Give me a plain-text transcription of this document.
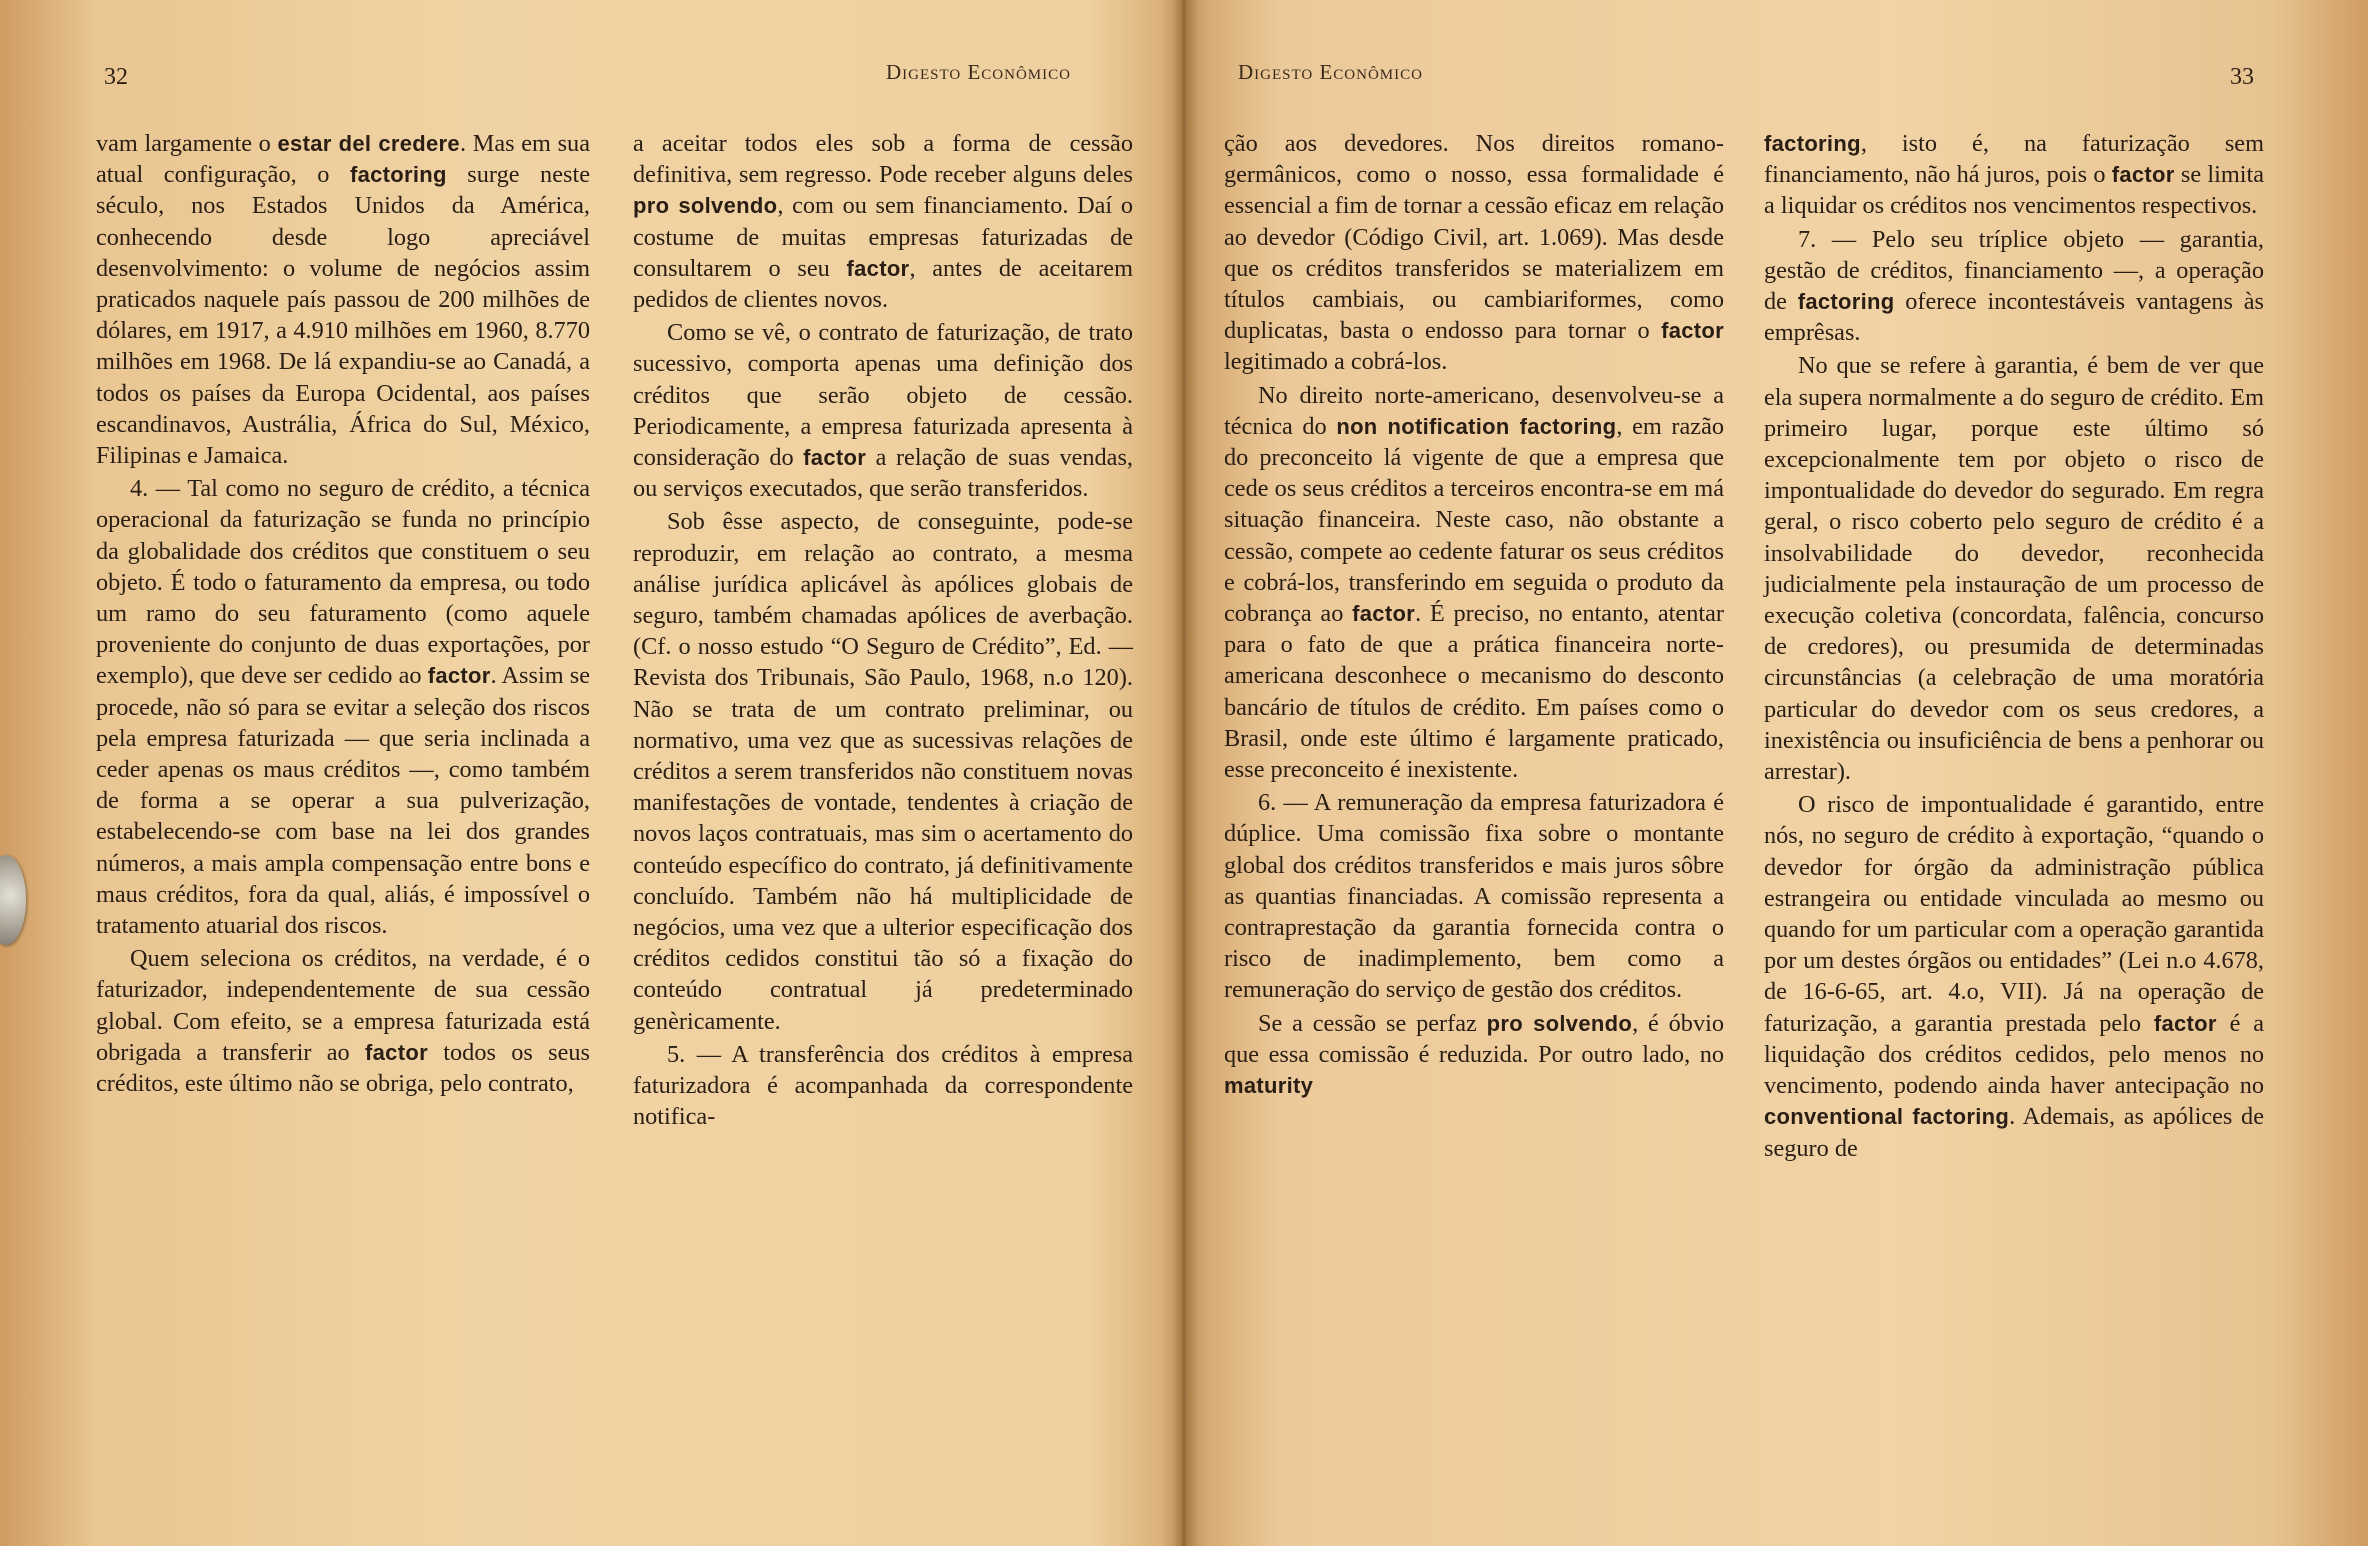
32	Digesto Econômico

vam largamente o estar del credere. Mas em sua atual configuração, o factoring surge neste século, nos Estados Unidos da América, conhecendo desde logo apreciável desenvolvimento: o volume de negócios assim praticados naquele país passou de 200 milhões de dólares, em 1917, a 4.910 milhões em 1960, 8.770 milhões em 1968. De lá expandiu-se ao Canadá, a todos os países da Europa Ocidental, aos países escandinavos, Austrália, África do Sul, México, Filipinas e Jamaica.

4. — Tal como no seguro de crédito, a técnica operacional da faturização se funda no princípio da globalidade dos créditos que constituem o seu objeto. É todo o faturamento da empresa, ou todo um ramo do seu faturamento (como aquele proveniente do conjunto de duas exportações, por exemplo), que deve ser cedido ao factor. Assim se procede, não só para se evitar a seleção dos riscos pela empresa faturizada — que seria inclinada a ceder apenas os maus créditos —, como também de forma a se operar a sua pulverização, estabelecendo-se com base na lei dos grandes números, a mais ampla compensação entre bons e maus créditos, fora da qual, aliás, é impossível o tratamento atuarial dos riscos.

Quem seleciona os créditos, na verdade, é o faturizador, independentemente de sua cessão global. Com efeito, se a empresa faturizada está obrigada a transferir ao factor todos os seus créditos, este último não se obriga, pelo contrato,

a aceitar todos eles sob a forma de cessão definitiva, sem regresso. Pode receber alguns deles pro solvendo, com ou sem financiamento. Daí o costume de muitas empresas faturizadas de consultarem o seu factor, antes de aceitarem pedidos de clientes novos.

Como se vê, o contrato de faturização, de trato sucessivo, comporta apenas uma definição dos créditos que serão objeto de cessão. Periodicamente, a empresa faturizada apresenta à consideração do factor a relação de suas vendas, ou serviços executados, que serão transferidos.

Sob êsse aspecto, de conseguinte, pode-se reproduzir, em relação ao contrato, a mesma análise jurídica aplicável às apólices globais de seguro, também chamadas apólices de averbação. (Cf. o nosso estudo “O Seguro de Crédito”, Ed. — Revista dos Tribunais, São Paulo, 1968, n.o 120). Não se trata de um contrato preliminar, ou normativo, uma vez que as sucessivas relações de créditos a serem transferidos não constituem novas manifestações de vontade, tendentes à criação de novos laços contratuais, mas sim o acertamento do conteúdo específico do contrato, já definitivamente concluído. Também não há multiplicidade de negócios, uma vez que a ulterior especificação dos créditos cedidos constitui tão só a fixação do conteúdo contratual já predeterminado genèricamente.

5. — A transferência dos créditos à empresa faturizadora é acompanhada da correspondente notifica-

Digesto Econômico	33

ção aos devedores. Nos direitos romano-germânicos, como o nosso, essa formalidade é essencial a fim de tornar a cessão eficaz em relação ao devedor (Código Civil, art. 1.069). Mas desde que os créditos transferidos se materializem em títulos cambiais, ou cambiariformes, como duplicatas, basta o endosso para tornar o factor legitimado a cobrá-los.

No direito norte-americano, desenvolveu-se a técnica do non notification factoring, em razão do preconceito lá vigente de que a empresa que cede os seus créditos a terceiros encontra-se em má situação financeira. Neste caso, não obstante a cessão, compete ao cedente faturar os seus créditos e cobrá-los, transferindo em seguida o produto da cobrança ao factor. É preciso, no entanto, atentar para o fato de que a prática financeira norte-americana desconhece o mecanismo do desconto bancário de títulos de crédito. Em países como o Brasil, onde este último é largamente praticado, esse preconceito é inexistente.

6. — A remuneração da empresa faturizadora é dúplice. Uma comissão fixa sobre o montante global dos créditos transferidos e mais juros sôbre as quantias financiadas. A comissão representa a contraprestação da garantia fornecida contra o risco de inadimplemento, bem como a remuneração do serviço de gestão dos créditos.

Se a cessão se perfaz pro solvendo, é óbvio que essa comissão é reduzida. Por outro lado, no maturity

factoring, isto é, na faturização sem financiamento, não há juros, pois o factor se limita a liquidar os créditos nos vencimentos respectivos.

7. — Pelo seu tríplice objeto — garantia, gestão de créditos, financiamento —, a operação de factoring oferece incontestáveis vantagens às emprêsas.

No que se refere à garantia, é bem de ver que ela supera normalmente a do seguro de crédito. Em primeiro lugar, porque este último só excepcionalmente tem por objeto o risco de impontualidade do devedor do segurado. Em regra geral, o risco coberto pelo seguro de crédito é a insolvabilidade do devedor, reconhecida judicialmente pela instauração de um processo de execução coletiva (concordata, falência, concurso de credores), ou presumida de determinadas circunstâncias (a celebração de uma moratória particular do devedor com os seus credores, a inexistência ou insuficiência de bens a penhorar ou arrestar).

O risco de impontualidade é garantido, entre nós, no seguro de crédito à exportação, “quando o devedor for órgão da administração pública estrangeira ou entidade vinculada ao mesmo ou quando for um particular com a operação garantida por um destes órgãos ou entidades” (Lei n.o 4.678, de 16-6-65, art. 4.o, VII). Já na operação de faturização, a garantia prestada pelo factor é a liquidação dos créditos cedidos, pelo menos no vencimento, podendo ainda haver antecipação no conventional factoring. Ademais, as apólices de seguro de
